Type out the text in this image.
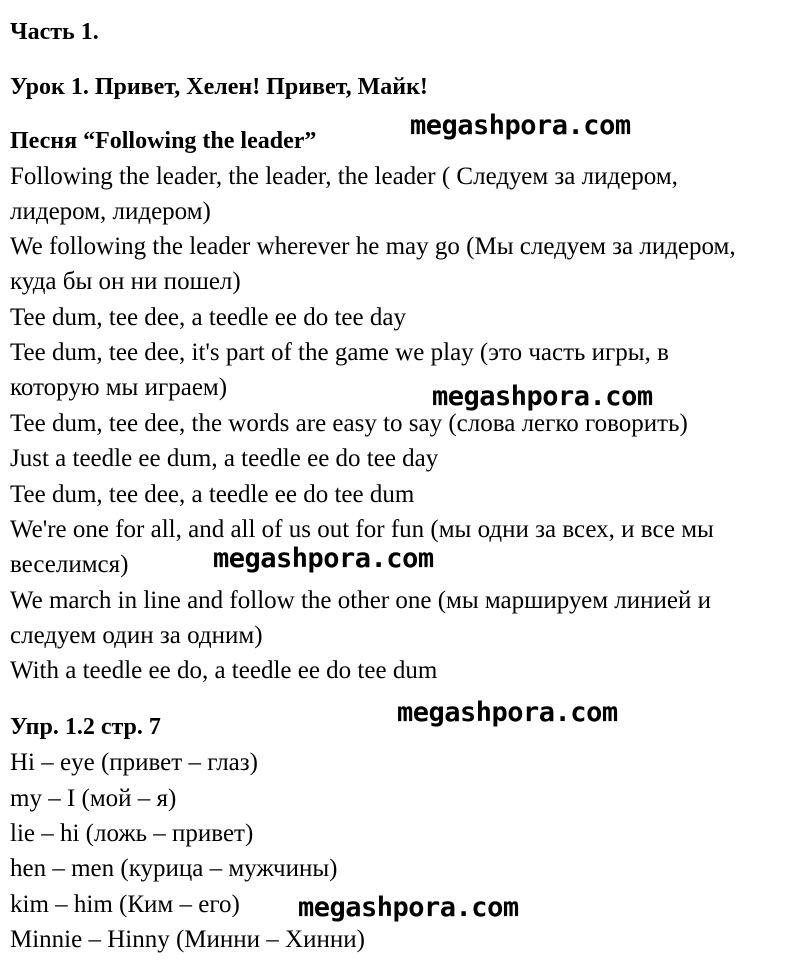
Часть 1.
Урок 1. Привет, Хелен! Привет, Майк!
Песня “Following the leader”
Following the leader, the leader, the leader ( Следуем за лидером,
лидером, лидером)
We following the leader wherever he may go (Мы следуем за лидером,
куда бы он ни пошел)
Tee dum, tee dee, a teedle ee do tee day
Tee dum, tee dee, it's part of the game we play (это часть игры, в
которую мы играем)
Tee dum, tee dee, the words are easy to say (слова легко говорить)
Just a teedle ee dum, a teedle ee do tee day
Tee dum, tee dee, a teedle ee do tee dum
We're one for all, and all of us out for fun (мы одни за всех, и все мы
веселимся)
We march in line and follow the other one (мы маршируем линией и
следуем один за одним)
With a teedle ee do, a teedle ee do tee dum
Упр. 1.2 стр. 7
Hi – eye (привет – глаз)
my – I (мой – я)
lie – hi (ложь – привет)
hen – men (курица – мужчины)
kim – him (Ким – его)
Minnie – Hinny (Минни – Хинни)
megashpora.com
megashpora.com
megashpora.com
megashpora.com
megashpora.com
